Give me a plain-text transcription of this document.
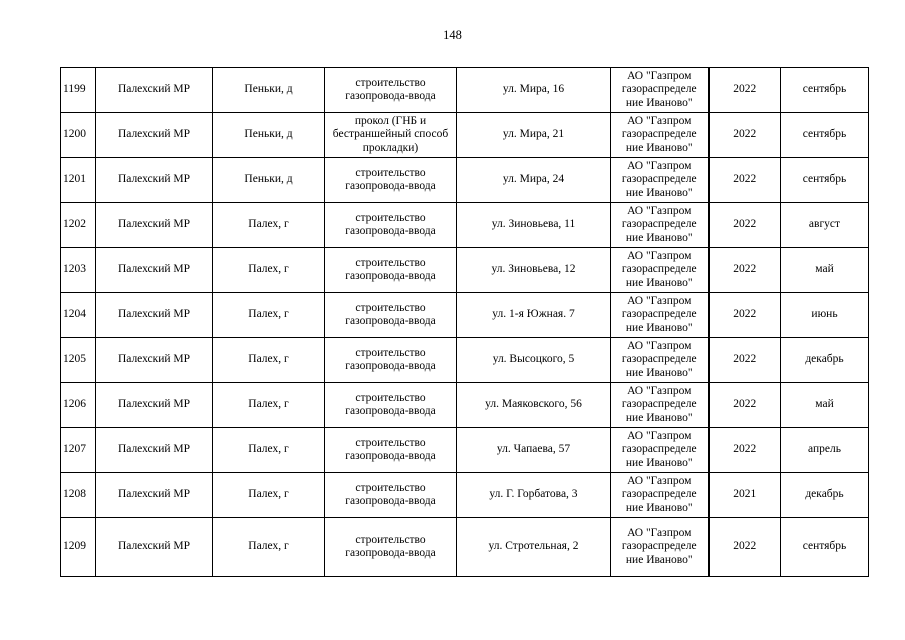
148
1199	Палехский МР	Пеньки, д	строительство газопровода-ввода	ул. Мира, 16	АО "Газпром газораспределе ние Иваново"	2022	сентябрь
1200	Палехский МР	Пеньки, д	прокол (ГНБ и бестраншейный способ прокладки)	ул. Мира, 21	АО "Газпром газораспределе ние Иваново"	2022	сентябрь
1201	Палехский МР	Пеньки, д	строительство газопровода-ввода	ул. Мира, 24	АО "Газпром газораспределе ние Иваново"	2022	сентябрь
1202	Палехский МР	Палех, г	строительство газопровода-ввода	ул. Зиновьева, 11	АО "Газпром газораспределе ние Иваново"	2022	август
1203	Палехский МР	Палех, г	строительство газопровода-ввода	ул. Зиновьева, 12	АО "Газпром газораспределе ние Иваново"	2022	май
1204	Палехский МР	Палех, г	строительство газопровода-ввода	ул. 1-я Южная. 7	АО "Газпром газораспределе ние Иваново"	2022	июнь
1205	Палехский МР	Палех, г	строительство газопровода-ввода	ул. Высоцкого, 5	АО "Газпром газораспределе ние Иваново"	2022	декабрь
1206	Палехский МР	Палех, г	строительство газопровода-ввода	ул. Маяковского, 56	АО "Газпром газораспределе ние Иваново"	2022	май
1207	Палехский МР	Палех, г	строительство газопровода-ввода	ул. Чапаева, 57	АО "Газпром газораспределе ние Иваново"	2022	апрель
1208	Палехский МР	Палех, г	строительство газопровода-ввода	ул. Г. Горбатова, 3	АО "Газпром газораспределе ние Иваново"	2021	декабрь
1209	Палехский МР	Палех, г	строительство газопровода-ввода	ул. Стротельная, 2	АО "Газпром газораспределе ние Иваново"	2022	сентябрь
